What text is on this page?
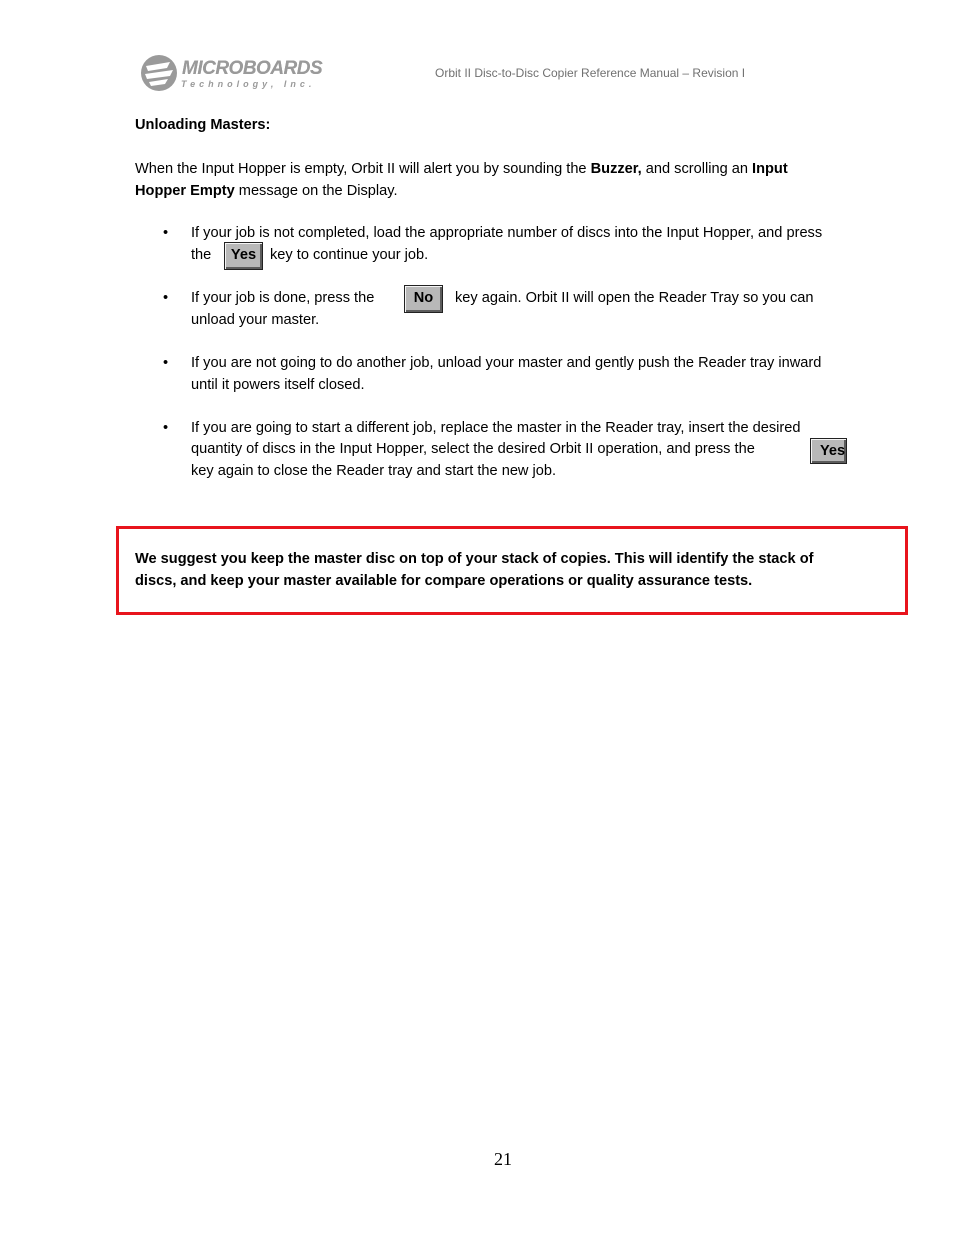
MICROBOARDS
Technology, Inc.
Orbit II Disc-to-Disc Copier Reference Manual – Revision I
Unloading Masters:
When the Input Hopper is empty, Orbit II will alert you by sounding the Buzzer, and scrolling an Input
Hopper Empty message on the Display.
• If your job is not completed, load the appropriate number of discs into the Input Hopper, and press
the	Yes key to continue your job.
• If your job is done, press the	No	key again. Orbit II will open the Reader Tray so you can
unload your master.
• If you are not going to do another job, unload your master and gently push the Reader tray inward
until it powers itself closed.
• If you are going to start a different job, replace the master in the Reader tray, insert the desired
quantity of discs in the Input Hopper, select the desired Orbit II operation, and press the	Yes
key again to close the Reader tray and start the new job.
We suggest you keep the master disc on top of your stack of copies. This will identify the stack of
discs, and keep your master available for compare operations or quality assurance tests.
21
